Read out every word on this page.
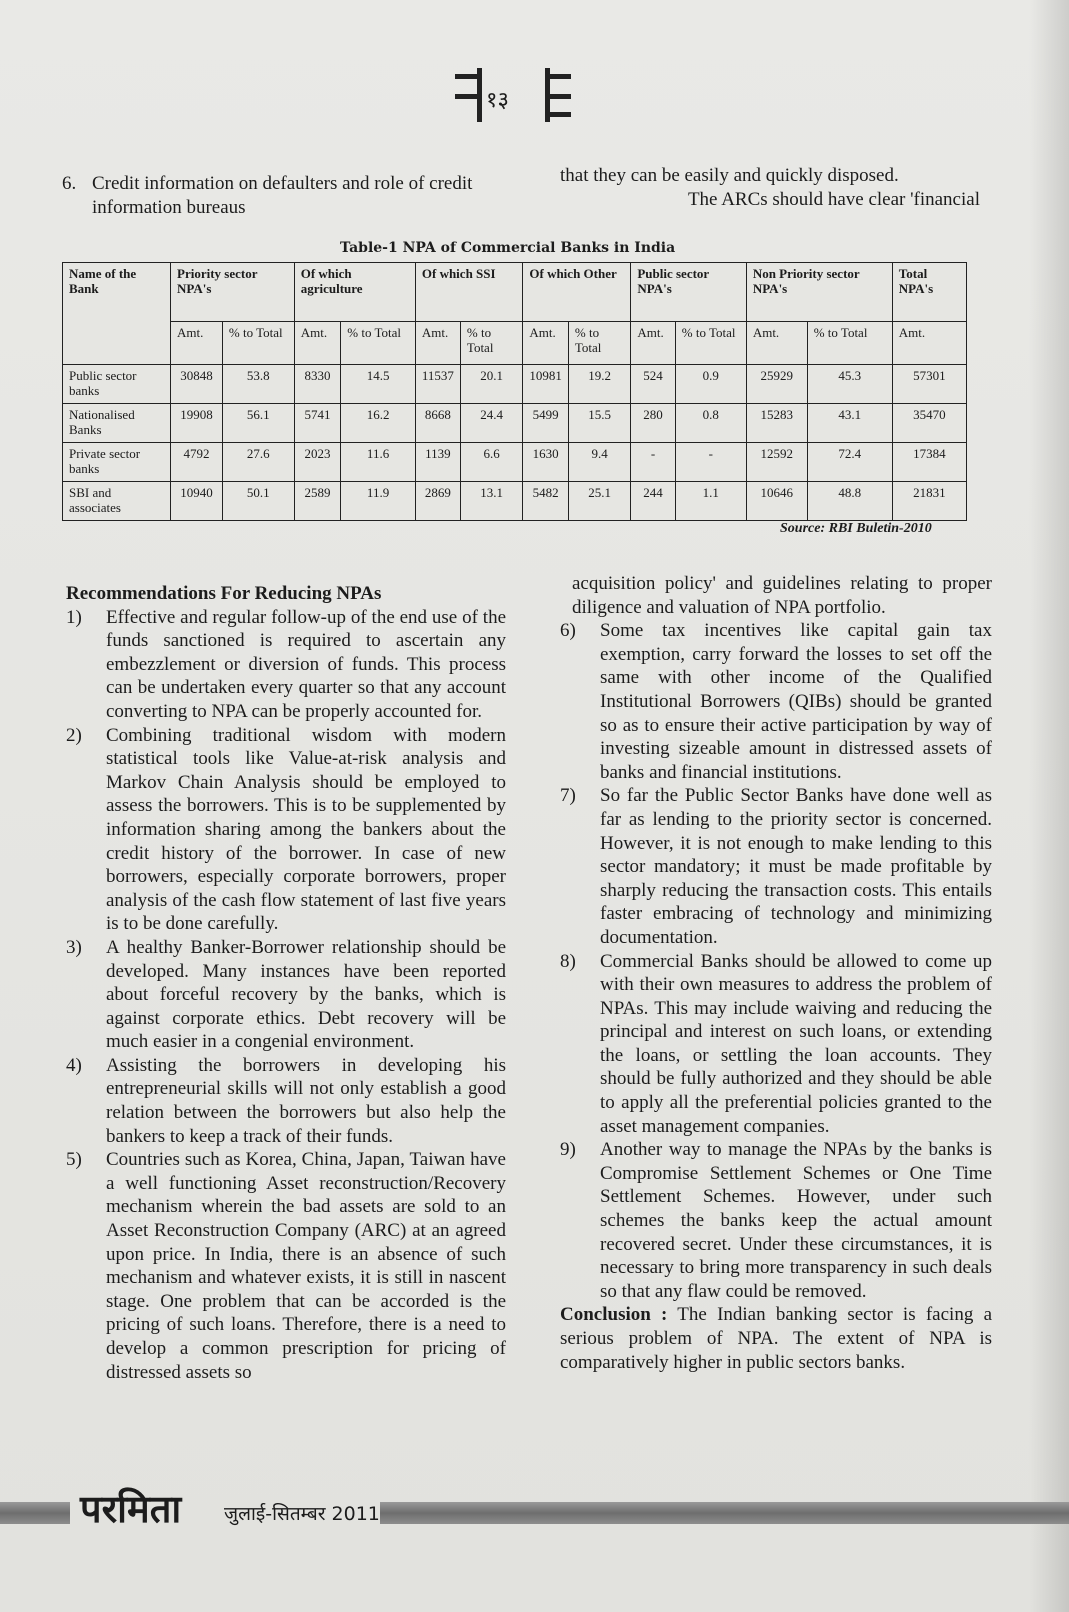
१३
6. Credit information on defaulters and role of credit information bureaus

that they can be easily and quickly disposed.

The ARCs should have clear 'financial

Table-1 NPA of Commercial Banks in India
Name of the Bank	Priority sector NPA's		Of which agriculture		Of which SSI		Of which Other		Public sector NPA's		Non Priority sector NPA's		Total NPA's
	Amt.	% to Total	Amt.	% to Total	Amt.	% to Total	Amt.	% to Total	Amt.	% to Total	Amt.	% to Total	Amt.
Public sector banks	30848	53.8	8330	14.5	11537	20.1	10981	19.2	524	0.9	25929	45.3	57301
Nationalised Banks	19908	56.1	5741	16.2	8668	24.4	5499	15.5	280	0.8	15283	43.1	35470
Private sector banks	4792	27.6	2023	11.6	1139	6.6	1630	9.4	-	-	12592	72.4	17384
SBI and associates	10940	50.1	2589	11.9	2869	13.1	5482	25.1	244	1.1	10646	48.8	21831
Source: RBI Buletin-2010
Recommendations For Reducing NPAs
1)	Effective and regular follow-up of the end use of the funds sanctioned is required to ascertain any embezzlement or diversion of funds. This process can be undertaken every quarter so that any account converting to NPA can be properly accounted for.
2)	Combining traditional wisdom with modern statistical tools like Value-at-risk analysis and Markov Chain Analysis should be employed to assess the borrowers. This is to be supplemented by information sharing among the bankers about the credit history of the borrower. In case of new borrowers, especially corporate borrowers, proper analysis of the cash flow statement of last five years is to be done carefully.
3)	A healthy Banker-Borrower relationship should be developed. Many instances have been reported about forceful recovery by the banks, which is against corporate ethics. Debt recovery will be much easier in a congenial environment.
4)	Assisting the borrowers in developing his entrepreneurial skills will not only establish a good relation between the borrowers but also help the bankers to keep a track of their funds.
5)	Countries such as Korea, China, Japan, Taiwan have a well functioning Asset reconstruction/Recovery mechanism wherein the bad assets are sold to an Asset Reconstruction Company (ARC) at an agreed upon price. In India, there is an absence of such mechanism and whatever exists, it is still in nascent stage. One problem that can be accorded is the pricing of such loans. Therefore, there is a need to develop a common prescription for pricing of distressed assets so

acquisition policy' and guidelines relating to proper diligence and valuation of NPA portfolio.

6)	Some tax incentives like capital gain tax exemption, carry forward the losses to set off the same with other income of the Qualified Institutional Borrowers (QIBs) should be granted so as to ensure their active participation by way of investing sizeable amount in distressed assets of banks and financial institutions.
7)	So far the Public Sector Banks have done well as far as lending to the priority sector is concerned. However, it is not enough to make lending to this sector mandatory; it must be made profitable by sharply reducing the transaction costs. This entails faster embracing of technology and minimizing documentation.
8)	Commercial Banks should be allowed to come up with their own measures to address the problem of NPAs. This may include waiving and reducing the principal and interest on such loans, or extending the loans, or settling the loan accounts. They should be fully authorized and they should be able to apply all the preferential policies granted to the asset management companies.
9)	Another way to manage the NPAs by the banks is Compromise Settlement Schemes or One Time Settlement Schemes. However, under such schemes the banks keep the actual amount recovered secret. Under these circumstances, it is necessary to bring more transparency in such deals so that any flaw could be removed.

Conclusion : The Indian banking sector is facing a serious problem of NPA. The extent of NPA is comparatively higher in public sectors banks.

परमिता जुलाई-सितम्बर 2011
